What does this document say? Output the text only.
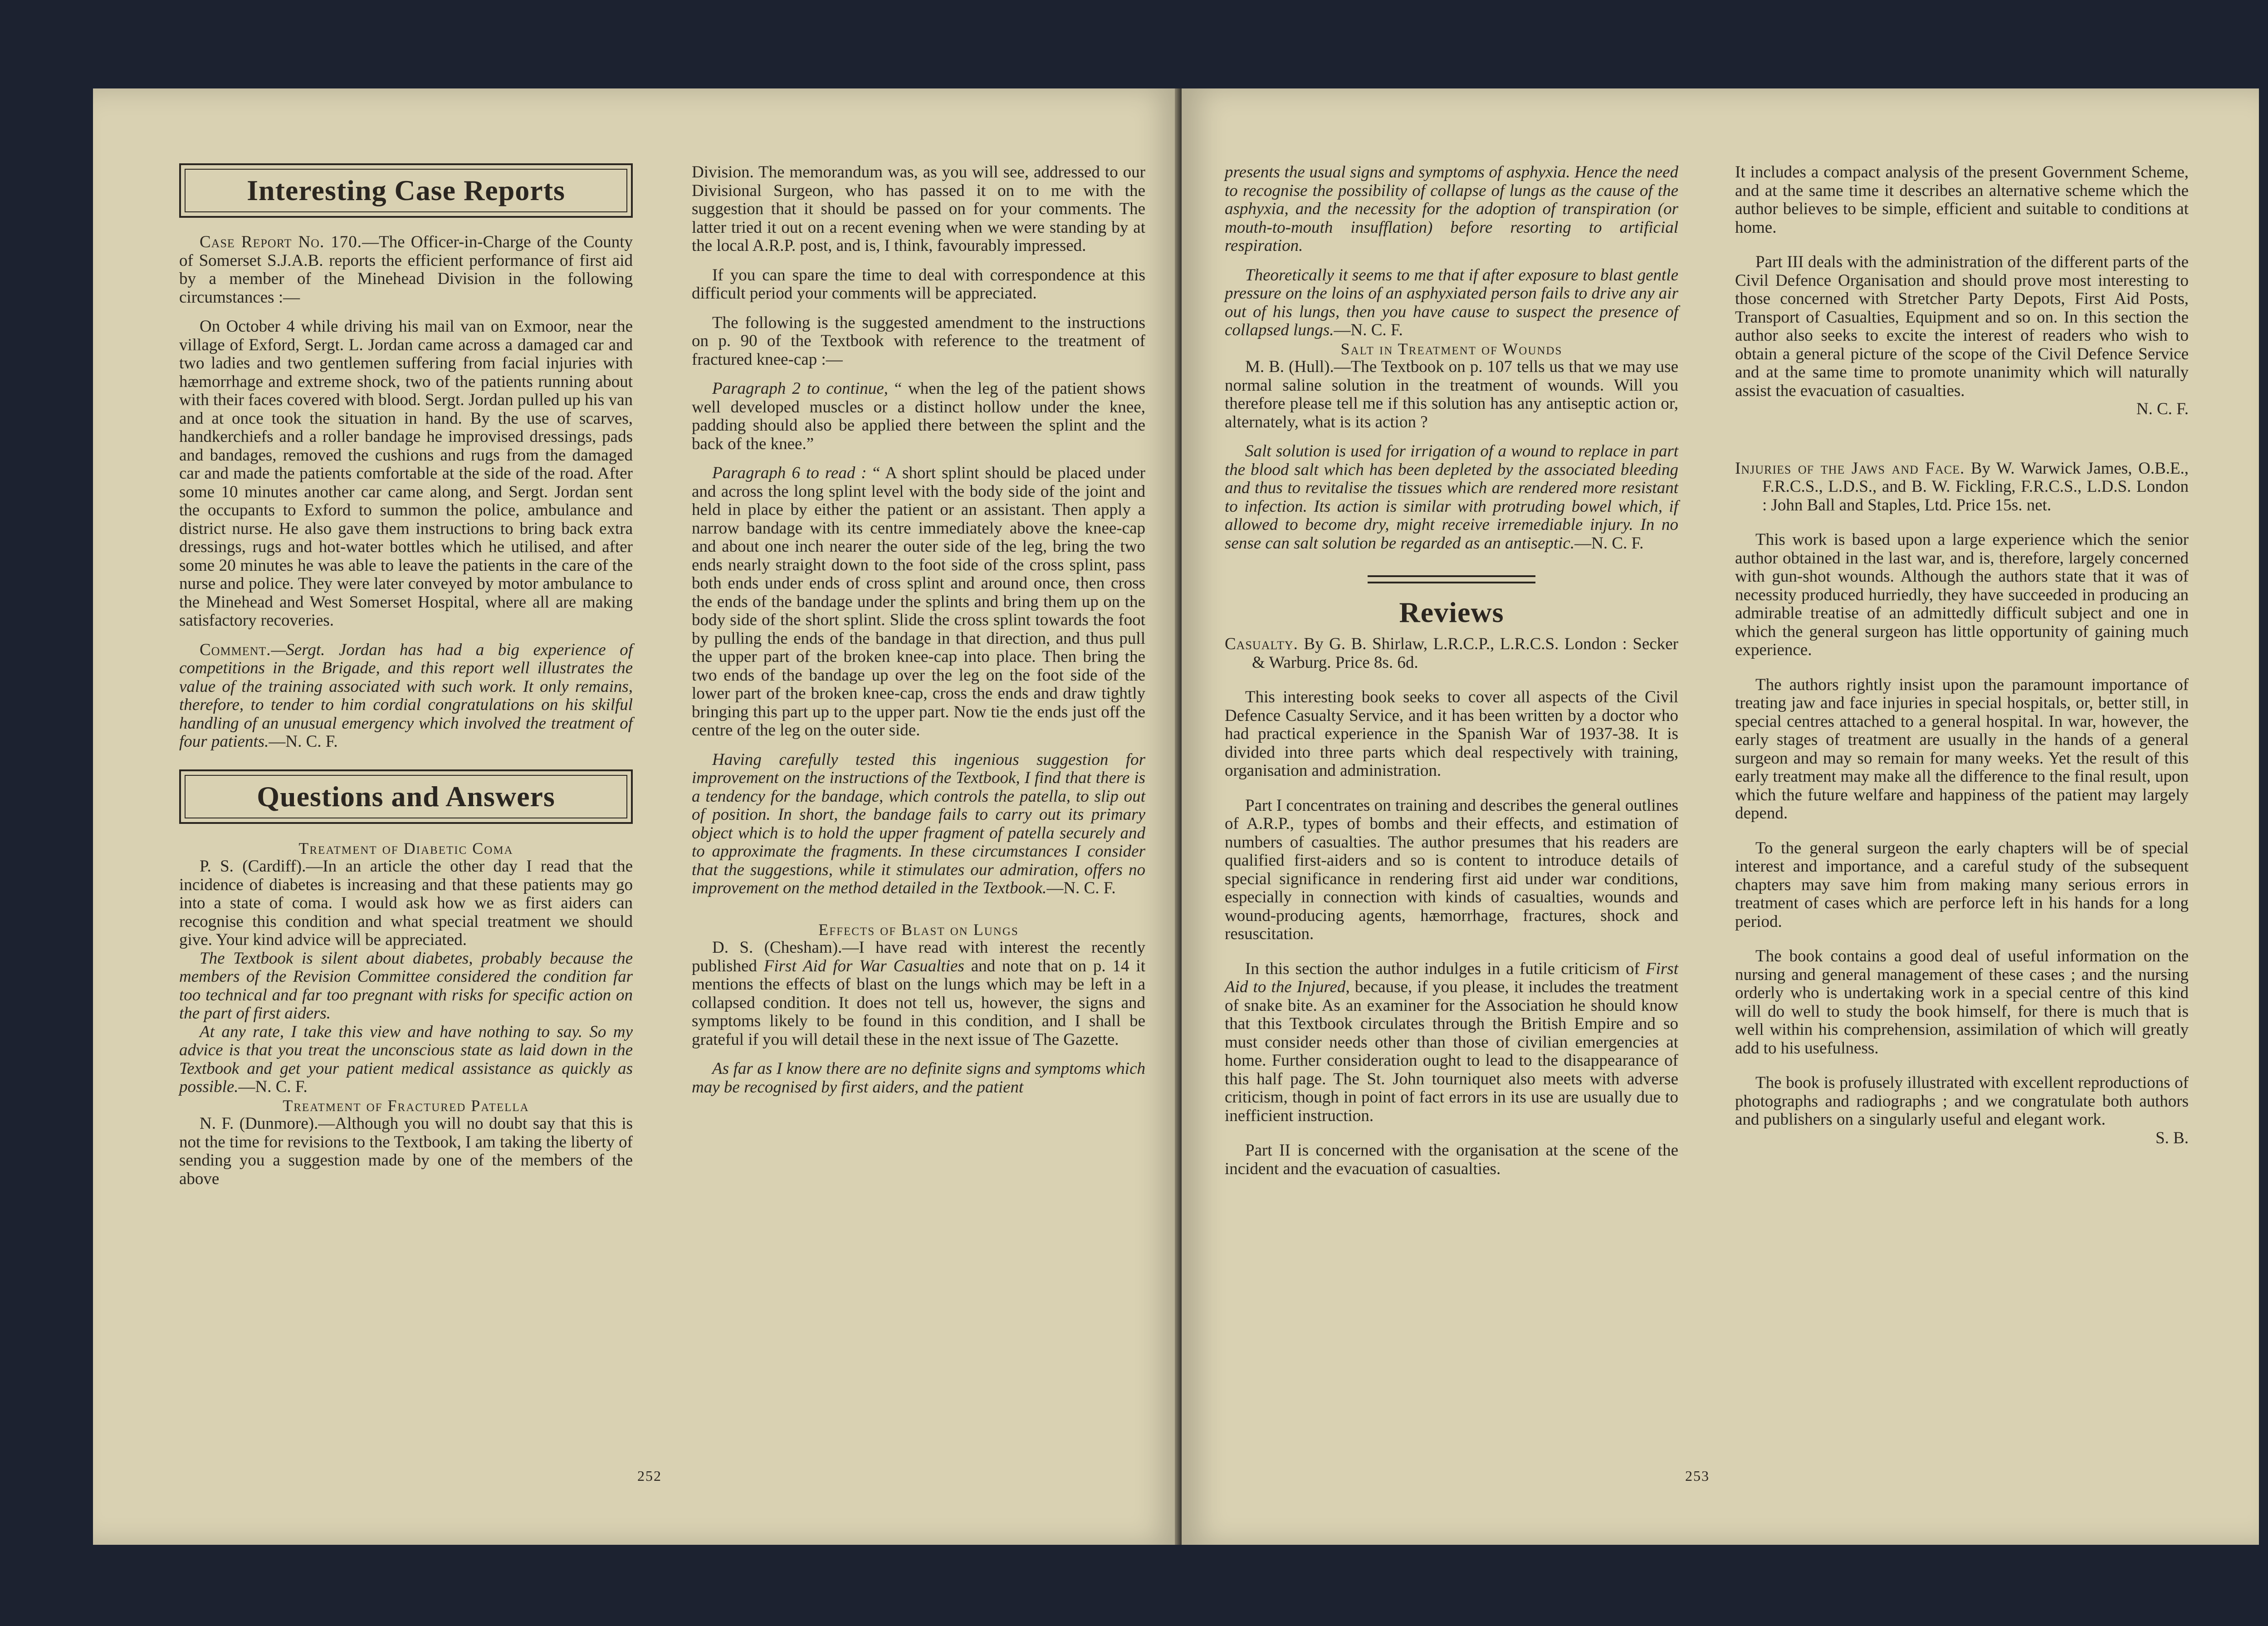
Interesting Case Reports

Case Report No. 170.—The Officer-in-Charge of the County of Somerset S.J.A.B. reports the efficient performance of first aid by a member of the Minehead Division in the following circumstances :—

On October 4 while driving his mail van on Exmoor, near the village of Exford, Sergt. L. Jordan came across a damaged car and two ladies and two gentlemen suffering from facial injuries with hæmorrhage and extreme shock, two of the patients running about with their faces covered with blood. Sergt. Jordan pulled up his van and at once took the situation in hand. By the use of scarves, handkerchiefs and a roller bandage he improvised dressings, pads and bandages, removed the cushions and rugs from the damaged car and made the patients comfortable at the side of the road. After some 10 minutes another car came along, and Sergt. Jordan sent the occupants to Exford to summon the police, ambulance and district nurse. He also gave them instructions to bring back extra dressings, rugs and hot-water bottles which he utilised, and after some 20 minutes he was able to leave the patients in the care of the nurse and police. They were later conveyed by motor ambulance to the Minehead and West Somerset Hospital, where all are making satisfactory recoveries.

Comment.—Sergt. Jordan has had a big experience of competitions in the Brigade, and this report well illustrates the value of the training associated with such work. It only remains, therefore, to tender to him cordial congratulations on his skilful handling of an unusual emergency which involved the treatment of four patients.—N. C. F.

Questions and Answers

Treatment of Diabetic Coma

P. S. (Cardiff).—In an article the other day I read that the incidence of diabetes is increasing and that these patients may go into a state of coma. I would ask how we as first aiders can recognise this condition and what special treatment we should give. Your kind advice will be appreciated.

The Textbook is silent about diabetes, probably because the members of the Revision Committee considered the condition far too technical and far too pregnant with risks for specific action on the part of first aiders.

At any rate, I take this view and have nothing to say. So my advice is that you treat the unconscious state as laid down in the Textbook and get your patient medical assistance as quickly as possible.—N. C. F.

Treatment of Fractured Patella

N. F. (Dunmore).—Although you will no doubt say that this is not the time for revisions to the Textbook, I am taking the liberty of sending you a suggestion made by one of the members of the above

Division. The memorandum was, as you will see, addressed to our Divisional Surgeon, who has passed it on to me with the suggestion that it should be passed on for your comments. The latter tried it out on a recent evening when we were standing by at the local A.R.P. post, and is, I think, favourably impressed.

If you can spare the time to deal with correspondence at this difficult period your comments will be appreciated.

The following is the suggested amendment to the instructions on p. 90 of the Textbook with reference to the treatment of fractured knee-cap :—

Paragraph 2 to continue, “ when the leg of the patient shows well developed muscles or a distinct hollow under the knee, padding should also be applied there between the splint and the back of the knee.”

Paragraph 6 to read : “ A short splint should be placed under and across the long splint level with the body side of the joint and held in place by either the patient or an assistant. Then apply a narrow bandage with its centre immediately above the knee-cap and about one inch nearer the outer side of the leg, bring the two ends nearly straight down to the foot side of the cross splint, pass both ends under ends of cross splint and around once, then cross the ends of the bandage under the splints and bring them up on the body side of the short splint. Slide the cross splint towards the foot by pulling the ends of the bandage in that direction, and thus pull the upper part of the broken knee-cap into place. Then bring the two ends of the bandage up over the leg on the foot side of the lower part of the broken knee-cap, cross the ends and draw tightly bringing this part up to the upper part. Now tie the ends just off the centre of the leg on the outer side.

Having carefully tested this ingenious suggestion for improvement on the instructions of the Textbook, I find that there is a tendency for the bandage, which controls the patella, to slip out of position. In short, the bandage fails to carry out its primary object which is to hold the upper fragment of patella securely and to approximate the fragments. In these circumstances I consider that the suggestions, while it stimulates our admiration, offers no improvement on the method detailed in the Textbook.—N. C. F.

Effects of Blast on Lungs

D. S. (Chesham).—I have read with interest the recently published First Aid for War Casualties and note that on p. 14 it mentions the effects of blast on the lungs which may be left in a collapsed condition. It does not tell us, however, the signs and symptoms likely to be found in this condition, and I shall be grateful if you will detail these in the next issue of The Gazette.

As far as I know there are no definite signs and symptoms which may be recognised by first aiders, and the patient

252

presents the usual signs and symptoms of asphyxia. Hence the need to recognise the possibility of collapse of lungs as the cause of the asphyxia, and the necessity for the adoption of transpiration (or mouth-to-mouth insufflation) before resorting to artificial respiration.

Theoretically it seems to me that if after exposure to blast gentle pressure on the loins of an asphyxiated person fails to drive any air out of his lungs, then you have cause to suspect the presence of collapsed lungs.—N. C. F.

Salt in Treatment of Wounds

M. B. (Hull).—The Textbook on p. 107 tells us that we may use normal saline solution in the treatment of wounds. Will you therefore please tell me if this solution has any antiseptic action or, alternately, what is its action ?

Salt solution is used for irrigation of a wound to replace in part the blood salt which has been depleted by the associated bleeding and thus to revitalise the tissues which are rendered more resistant to infection. Its action is similar with protruding bowel which, if allowed to become dry, might receive irremediable injury. In no sense can salt solution be regarded as an antiseptic.—N. C. F.

Reviews

Casualty. By G. B. Shirlaw, L.R.C.P., L.R.C.S. London : Secker & Warburg. Price 8s. 6d.

This interesting book seeks to cover all aspects of the Civil Defence Casualty Service, and it has been written by a doctor who had practical experience in the Spanish War of 1937-38. It is divided into three parts which deal respectively with training, organisation and administration.

Part I concentrates on training and describes the general outlines of A.R.P., types of bombs and their effects, and estimation of numbers of casualties. The author presumes that his readers are qualified first-aiders and so is content to introduce details of special significance in rendering first aid under war conditions, especially in connection with kinds of casualties, wounds and wound-producing agents, hæmorrhage, fractures, shock and resuscitation.

In this section the author indulges in a futile criticism of First Aid to the Injured, because, if you please, it includes the treatment of snake bite. As an examiner for the Association he should know that this Textbook circulates through the British Empire and so must consider needs other than those of civilian emergencies at home. Further consideration ought to lead to the disappearance of this half page. The St. John tourniquet also meets with adverse criticism, though in point of fact errors in its use are usually due to inefficient instruction.

Part II is concerned with the organisation at the scene of the incident and the evacuation of casualties.

It includes a compact analysis of the present Government Scheme, and at the same time it describes an alternative scheme which the author believes to be simple, efficient and suitable to conditions at home.

Part III deals with the administration of the different parts of the Civil Defence Organisation and should prove most interesting to those concerned with Stretcher Party Depots, First Aid Posts, Transport of Casualties, Equipment and so on. In this section the author also seeks to excite the interest of readers who wish to obtain a general picture of the scope of the Civil Defence Service and at the same time to promote unanimity which will naturally assist the evacuation of casualties.

N. C. F.

Injuries of the Jaws and Face. By W. Warwick James, O.B.E., F.R.C.S., L.D.S., and B. W. Fickling, F.R.C.S., L.D.S. London : John Ball and Staples, Ltd. Price 15s. net.

This work is based upon a large experience which the senior author obtained in the last war, and is, therefore, largely concerned with gun-shot wounds. Although the authors state that it was of necessity produced hurriedly, they have succeeded in producing an admirable treatise of an admittedly difficult subject and one in which the general surgeon has little opportunity of gaining much experience.

The authors rightly insist upon the paramount importance of treating jaw and face injuries in special hospitals, or, better still, in special centres attached to a general hospital. In war, however, the early stages of treatment are usually in the hands of a general surgeon and may so remain for many weeks. Yet the result of this early treatment may make all the difference to the final result, upon which the future welfare and happiness of the patient may largely depend.

To the general surgeon the early chapters will be of special interest and importance, and a careful study of the subsequent chapters may save him from making many serious errors in treatment of cases which are perforce left in his hands for a long period.

The book contains a good deal of useful information on the nursing and general management of these cases ; and the nursing orderly who is undertaking work in a special centre of this kind will do well to study the book himself, for there is much that is well within his comprehension, assimilation of which will greatly add to his usefulness.

The book is profusely illustrated with excellent reproductions of photographs and radiographs ; and we congratulate both authors and publishers on a singularly useful and elegant work.

S. B.

253
